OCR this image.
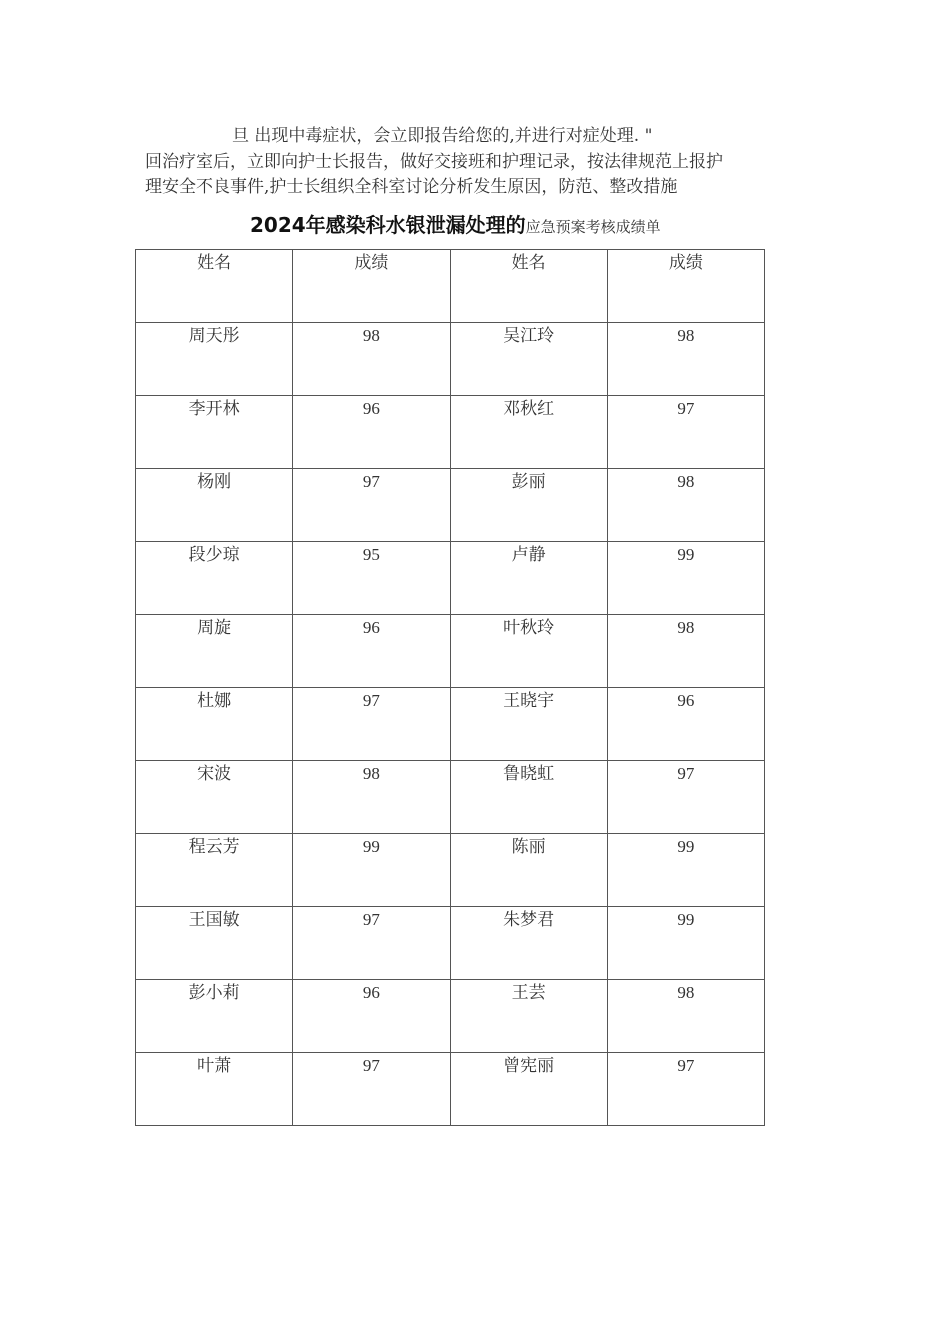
旦 出现中毒症状，会立即报告给您的,并进行对症处理. "
回治疗室后，立即向护士长报告，做好交接班和护理记录，按法律规范上报护
理安全不良事件,护士长组织全科室讨论分析发生原因，防范、整改措施
2024年感染科水银泄漏处理的应急预案考核成绩单
姓名	成绩	姓名	成绩

周天彤	98	吴江玲	98

李开林	96	邓秋红	97

杨刚	97	彭丽	98

段少琼	95	卢静	99

周旋	96	叶秋玲	98

杜娜	97	王晓宇	96

宋波	98	鲁晓虹	97

程云芳	99	陈丽	99

王国敏	97	朱梦君	99

彭小莉	96	王芸	98

叶萧	97	曾宪丽	97
